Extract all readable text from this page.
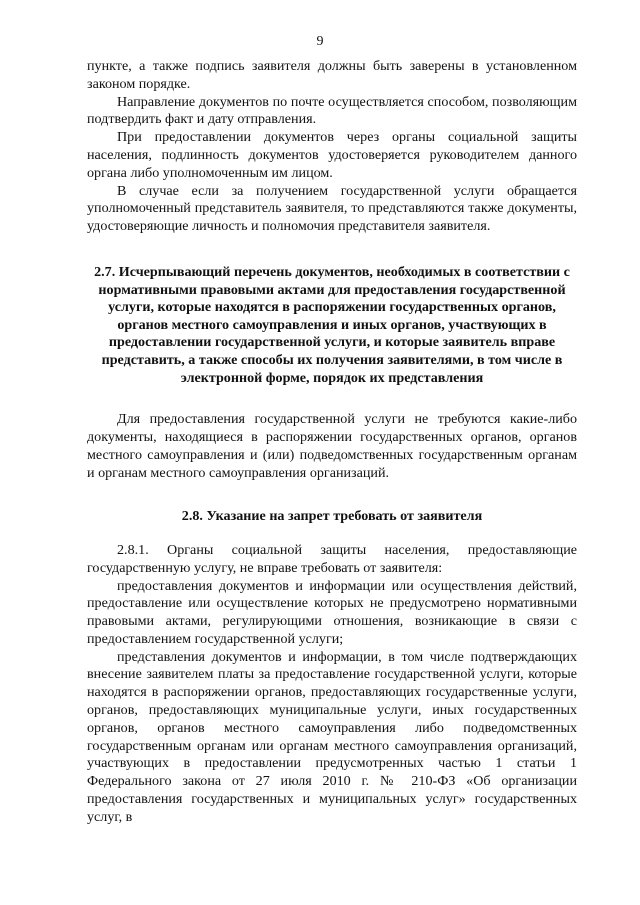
9

пункте, а также подпись заявителя должны быть заверены в установленном законом порядке.

Направление документов по почте осуществляется способом, позволяющим подтвердить факт и дату отправления.

При предоставлении документов через органы социальной защиты населения, подлинность документов удостоверяется руководителем данного органа либо уполномоченным им лицом.

В случае если за получением государственной услуги обращается уполномоченный представитель заявителя, то представляются также документы, удостоверяющие личность и полномочия представителя заявителя.

2.7. Исчерпывающий перечень документов, необходимых в соответствии с нормативными правовыми актами для предоставления государственной услуги, которые находятся в распоряжении государственных органов, органов местного самоуправления и иных органов, участвующих в предоставлении государственной услуги, и которые заявитель вправе представить, а также способы их получения заявителями, в том числе в электронной форме, порядок их представления

Для предоставления государственной услуги не требуются какие-либо документы, находящиеся в распоряжении государственных органов, органов местного самоуправления и (или) подведомственных государственным органам и органам местного самоуправления организаций.

2.8. Указание на запрет требовать от заявителя

2.8.1. Органы социальной защиты населения, предоставляющие государственную услугу, не вправе требовать от заявителя:

предоставления документов и информации или осуществления действий, предоставление или осуществление которых не предусмотрено нормативными правовыми актами, регулирующими отношения, возникающие в связи с предоставлением государственной услуги;

представления документов и информации, в том числе подтверждающих внесение заявителем платы за предоставление государственной услуги, которые находятся в распоряжении органов, предоставляющих государственные услуги, органов, предоставляющих муниципальные услуги, иных государственных органов, органов местного самоуправления либо подведомственных государственным органам или органам местного самоуправления организаций, участвующих в предоставлении предусмотренных частью 1 статьи 1 Федерального закона от 27 июля 2010 г. № 210-ФЗ «Об организации предоставления государственных и муниципальных услуг» государственных услуг, в
